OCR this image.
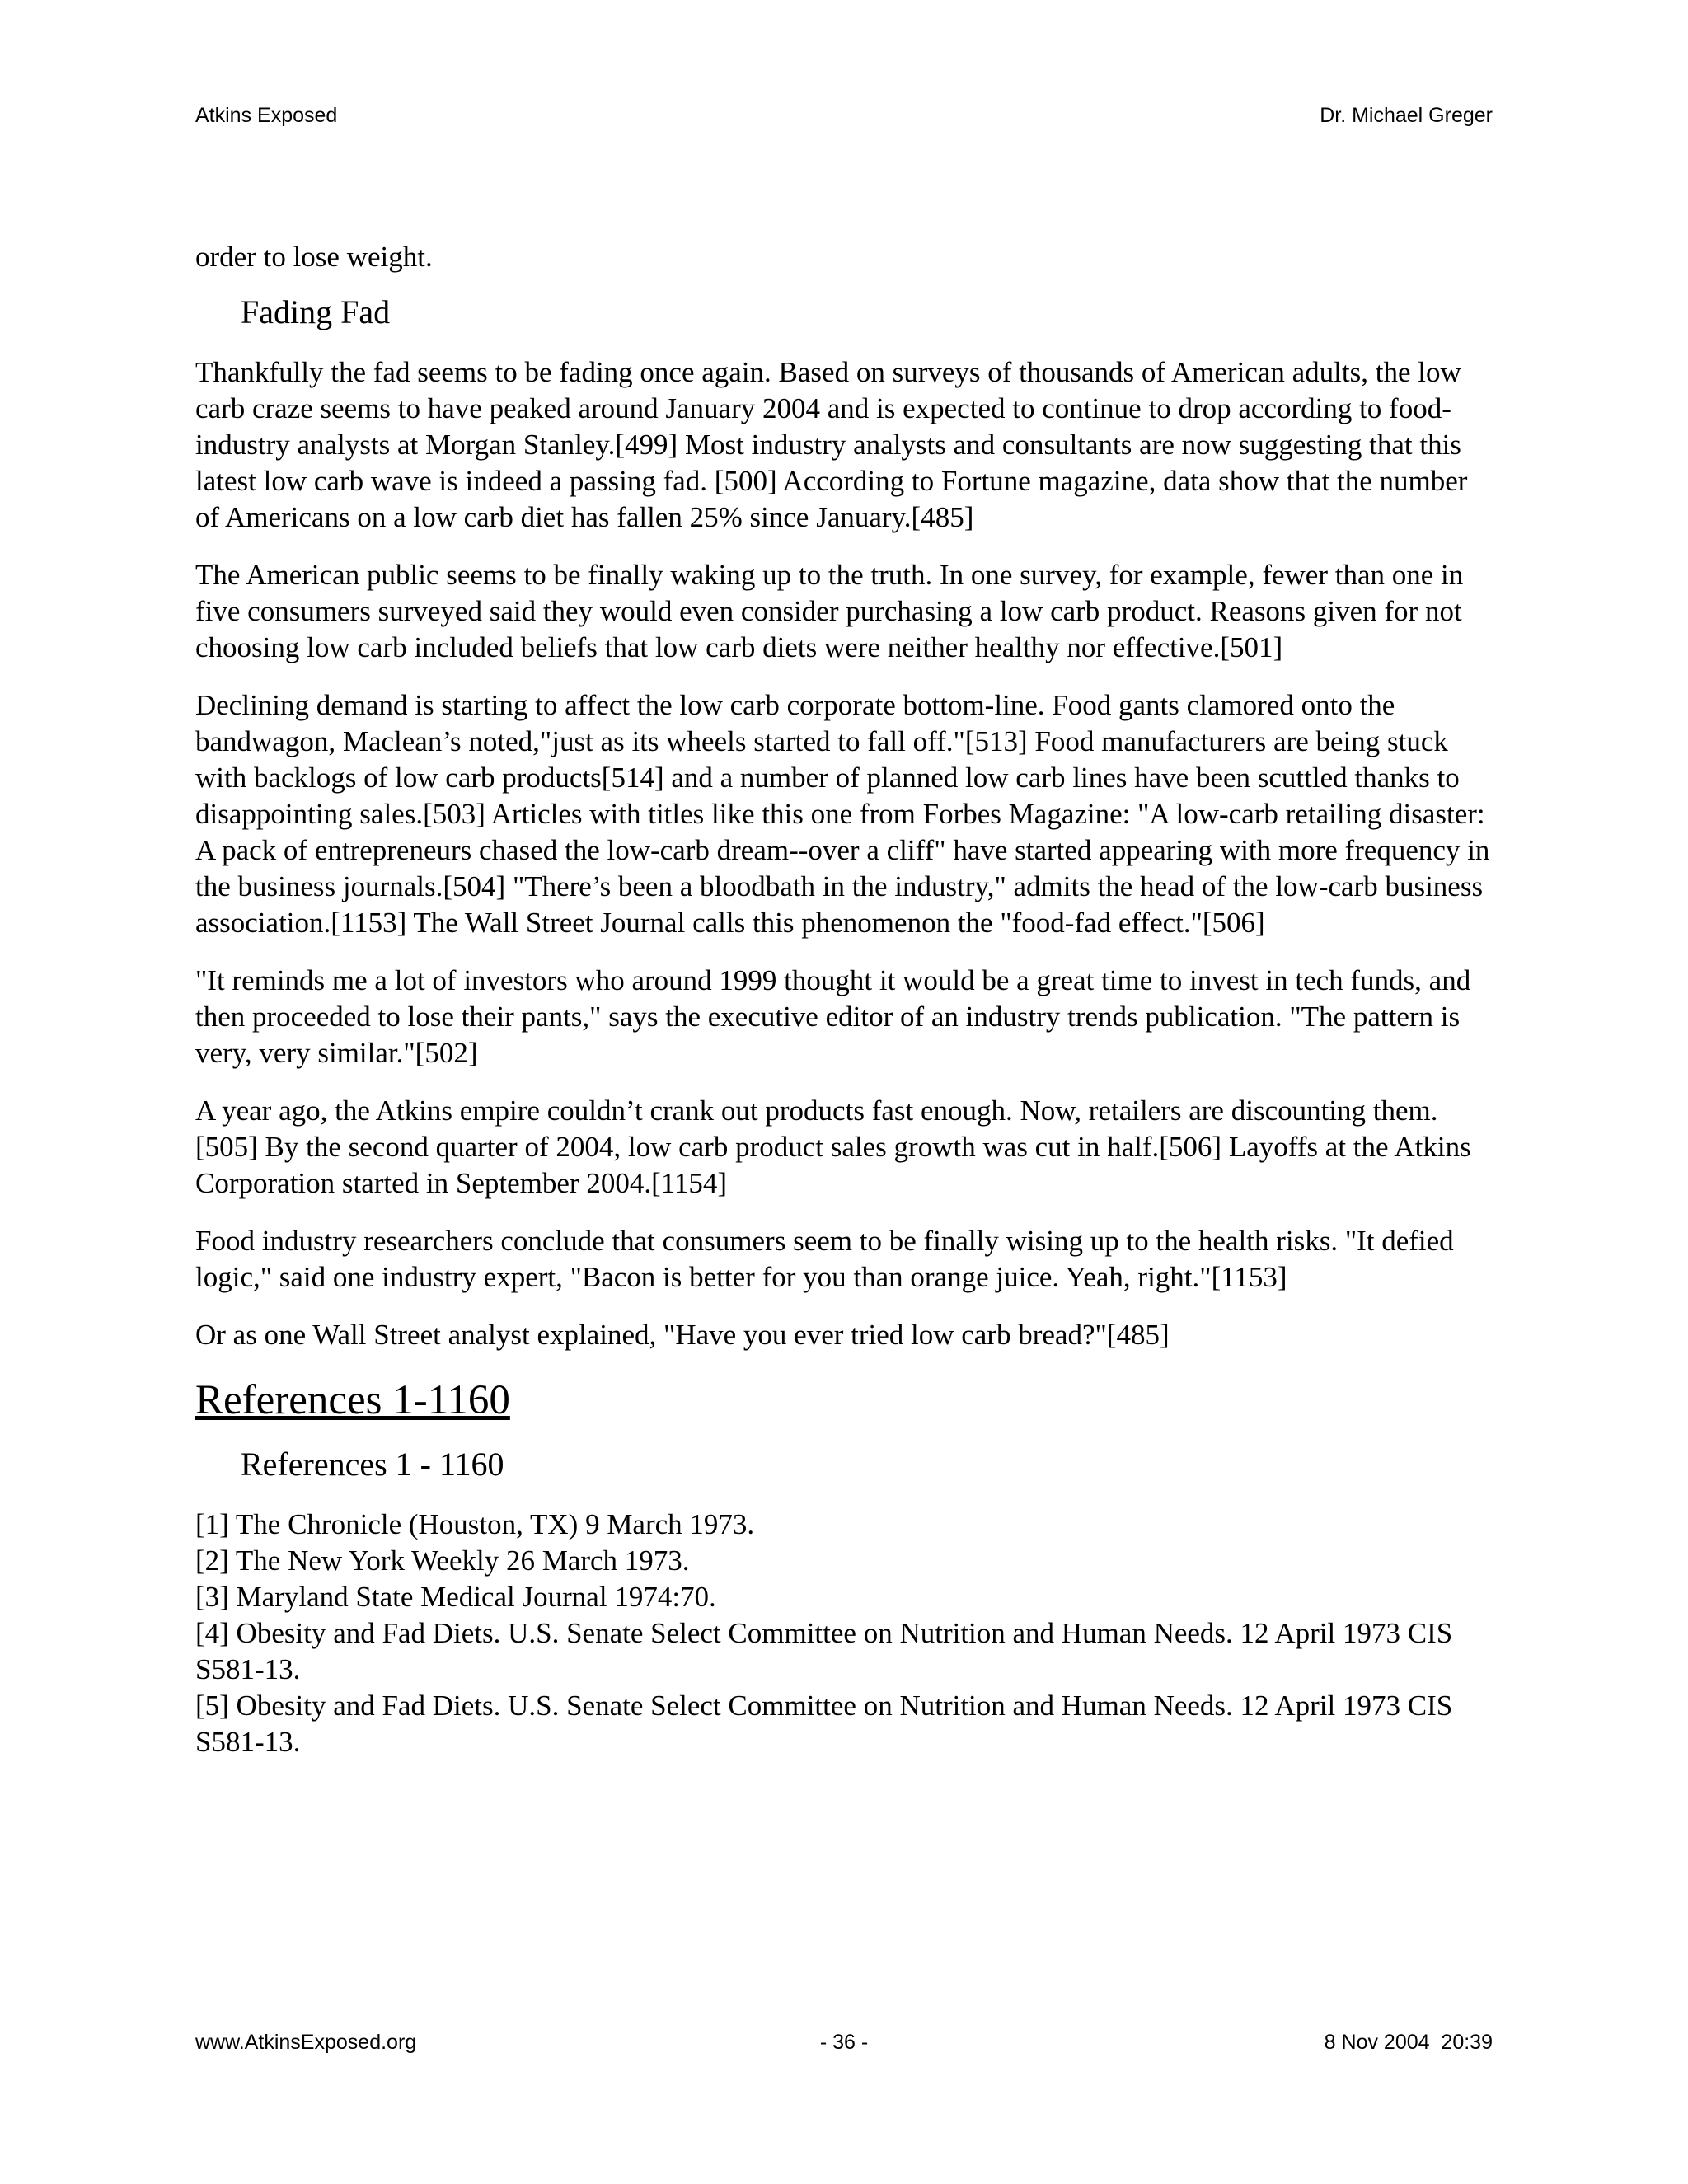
Atkins Exposed	Dr. Michael Greger

order to lose weight.

Fading Fad

Thankfully the fad seems to be fading once again. Based on surveys of thousands of American adults, the low carb craze seems to have peaked around January 2004 and is expected to continue to drop according to food-industry analysts at Morgan Stanley.[499] Most industry analysts and consultants are now suggesting that this latest low carb wave is indeed a passing fad. [500] According to Fortune magazine, data show that the number of Americans on a low carb diet has fallen 25% since January.[485]

The American public seems to be finally waking up to the truth. In one survey, for example, fewer than one in five consumers surveyed said they would even consider purchasing a low carb product. Reasons given for not choosing low carb included beliefs that low carb diets were neither healthy nor effective.[501]

Declining demand is starting to affect the low carb corporate bottom-line. Food gants clamored onto the bandwagon, Maclean’s noted,"just as its wheels started to fall off."[513] Food manufacturers are being stuck with backlogs of low carb products[514] and a number of planned low carb lines have been scuttled thanks to disappointing sales.[503] Articles with titles like this one from Forbes Magazine: "A low-carb retailing disaster: A pack of entrepreneurs chased the low-carb dream--over a cliff" have started appearing with more frequency in the business journals.[504] "There’s been a bloodbath in the industry," admits the head of the low-carb business association.[1153] The Wall Street Journal calls this phenomenon the "food-fad effect."[506]

"It reminds me a lot of investors who around 1999 thought it would be a great time to invest in tech funds, and then proceeded to lose their pants," says the executive editor of an industry trends publication. "The pattern is very, very similar."[502]

A year ago, the Atkins empire couldn’t crank out products fast enough. Now, retailers are discounting them.[505] By the second quarter of 2004, low carb product sales growth was cut in half.[506] Layoffs at the Atkins Corporation started in September 2004.[1154]

Food industry researchers conclude that consumers seem to be finally wising up to the health risks. "It defied logic," said one industry expert, "Bacon is better for you than orange juice. Yeah, right."[1153]

Or as one Wall Street analyst explained, "Have you ever tried low carb bread?"[485]

References 1-1160
References 1 - 1160
[1] The Chronicle (Houston, TX) 9 March 1973.
[2] The New York Weekly 26 March 1973.
[3] Maryland State Medical Journal 1974:70.
[4] Obesity and Fad Diets. U.S. Senate Select Committee on Nutrition and Human Needs. 12 April 1973 CIS S581-13.
[5] Obesity and Fad Diets. U.S. Senate Select Committee on Nutrition and Human Needs. 12 April 1973 CIS S581-13.
www.AtkinsExposed.org	- 36 -	8 Nov 2004  20:39
